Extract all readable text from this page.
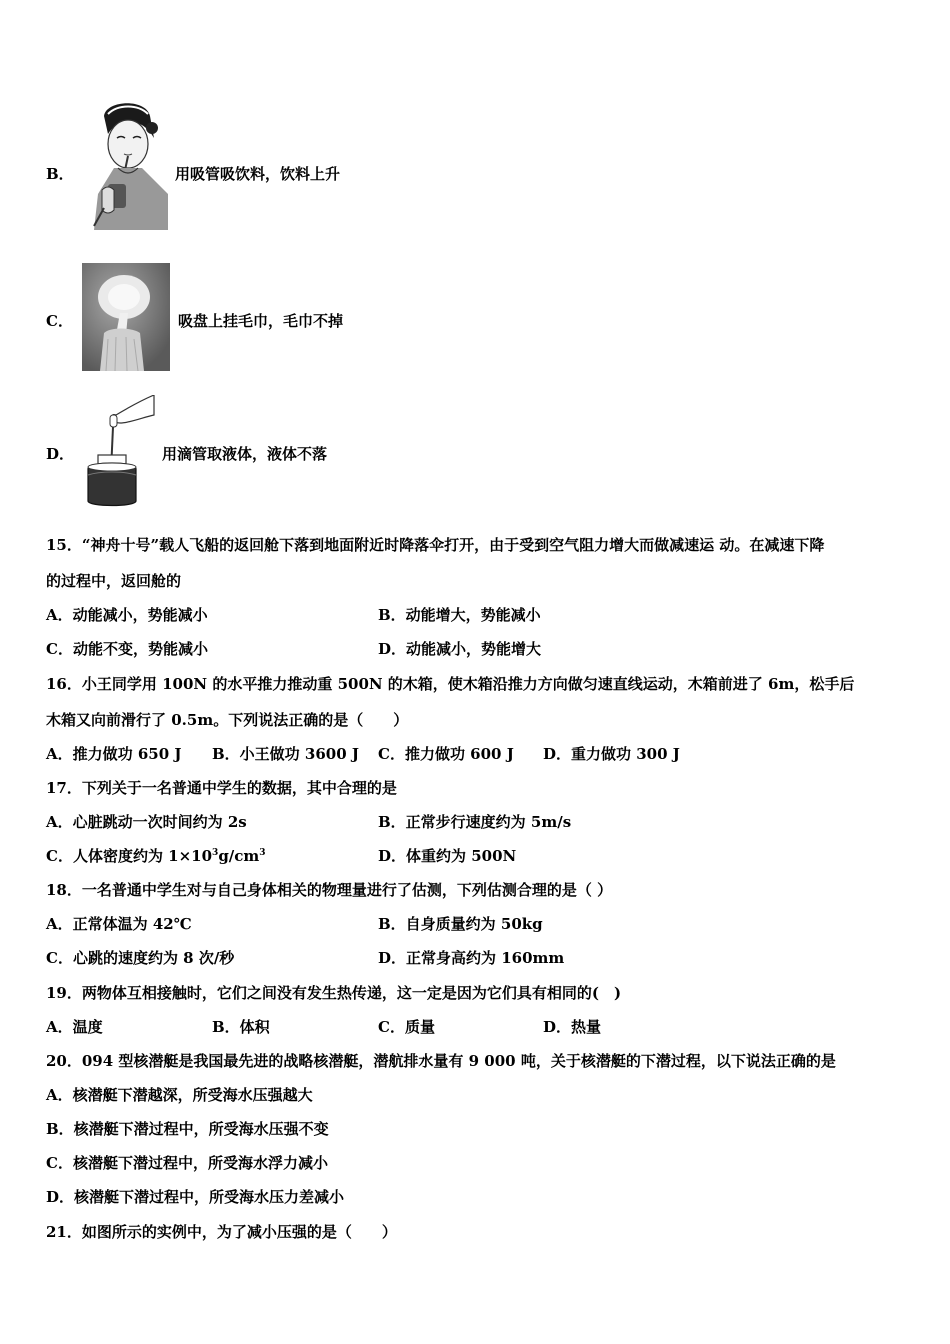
B．	用吸管吸饮料，饮料上升
C．	吸盘上挂毛巾，毛巾不掉
D．	用滴管取液体，液体不落
15．“神舟十号”载人飞船的返回舱下落到地面附近时降落伞打开，由于受到空气阻力增大而做减速运 动。在减速下降
的过程中，返回舱的
A．动能减小，势能减小	B．动能增大，势能减小
C．动能不变，势能减小	D．动能减小，势能增大
16．小王同学用 100N 的水平推力推动重 500N 的木箱，使木箱沿推力方向做匀速直线运动，木箱前进了 6m，松手后
木箱又向前滑行了 0.5m。下列说法正确的是（　　）
A．推力做功 650 J B．小王做功 3600 J C．推力做功 600 J D．重力做功 300 J
17．下列关于一名普通中学生的数据，其中合理的是
A．心脏跳动一次时间约为 2s	B．正常步行速度约为 5m/s
C．人体密度约为 $1\times 10^3g/cm^3$	D．体重约为 500N
18．一名普通中学生对与自己身体相关的物理量进行了估测，下列估测合理的是（ ）
A．正常体温为 42℃	B．自身质量约为 50kg
C．心跳的速度约为 8 次/秒	D．正常身高约为 160mm
19．两物体互相接触时，它们之间没有发生热传递，这一定是因为它们具有相同的(　)
A．温度	B．体积	C．质量	D．热量
20．094 型核潜艇是我国最先进的战略核潜艇，潜航排水量有 9 000 吨，关于核潜艇的下潜过程，以下说法正确的是
A．核潜艇下潜越深，所受海水压强越大
B．核潜艇下潜过程中，所受海水压强不变
C．核潜艇下潜过程中，所受海水浮力减小
D．核潜艇下潜过程中，所受海水压力差减小
21．如图所示的实例中，为了减小压强的是（　　）
